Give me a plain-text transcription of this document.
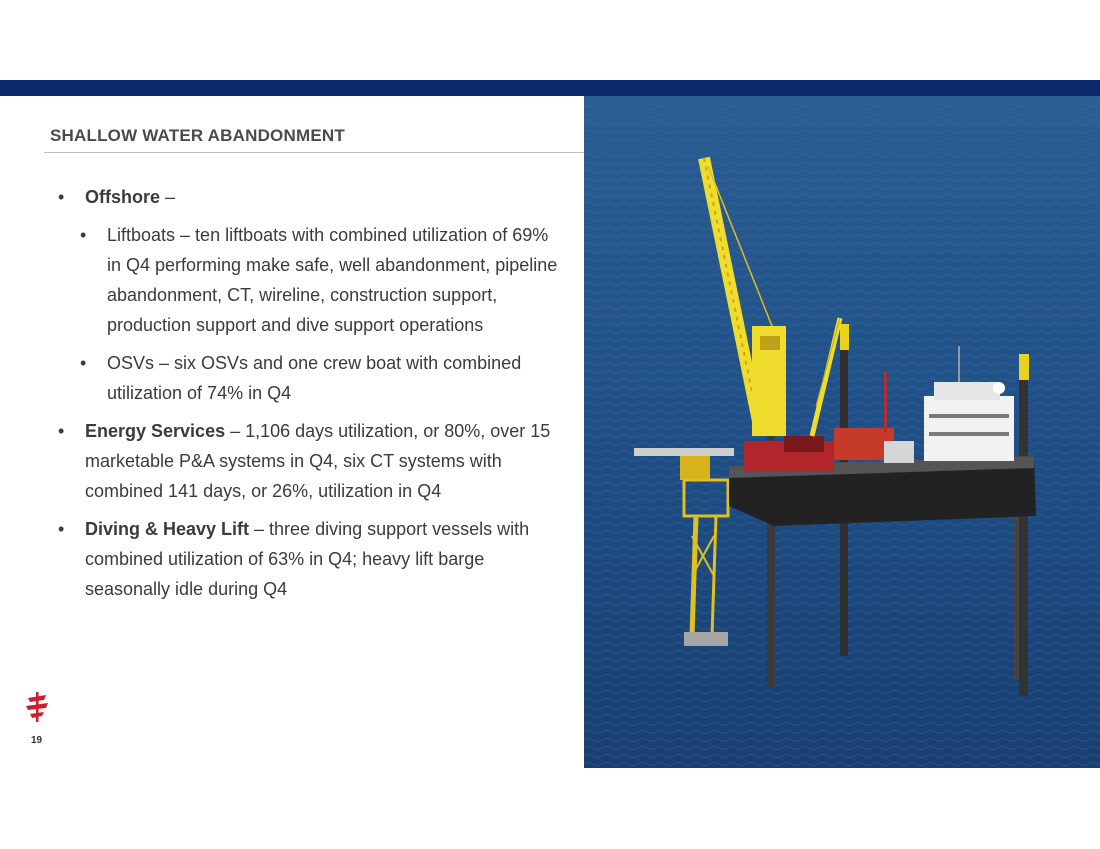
SHALLOW WATER ABANDONMENT
• Offshore –
• Liftboats – ten liftboats with combined utilization of 69% in Q4 performing make safe, well abandonment, pipeline abandonment, CT, wireline, construction support, production support and dive support operations
• OSVs – six OSVs and one crew boat with combined utilization of 74% in Q4
• Energy Services – 1,106 days utilization, or 80%, over 15 marketable P&A systems in Q4, six CT systems with combined 141 days, or 26%, utilization in Q4
• Diving & Heavy Lift – three diving support vessels with combined utilization of 63% in Q4; heavy lift barge seasonally idle during Q4
19
